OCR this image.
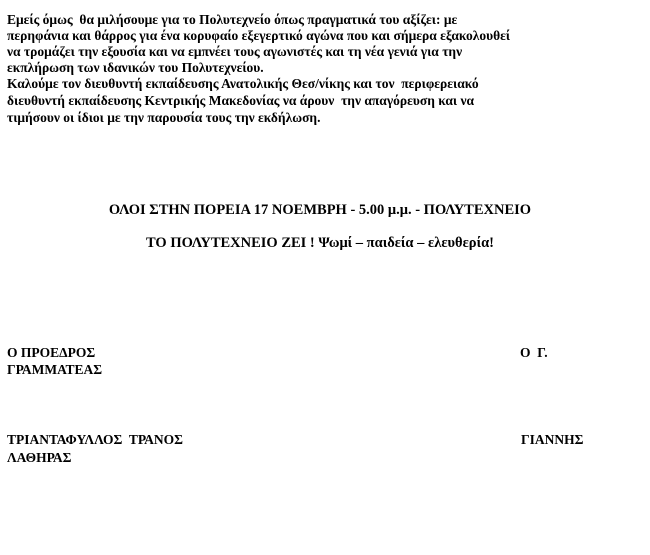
Εμείς όμως  θα μιλήσουμε για το Πολυτεχνείο όπως πραγματικά του αξίζει: με
περηφάνια και θάρρος για ένα κορυφαίο εξεγερτικό αγώνα που και σήμερα εξακολουθεί
να τρομάζει την εξουσία και να εμπνέει τους αγωνιστές και τη νέα γενιά για την
εκπλήρωση των ιδανικών του Πολυτεχνείου.
Καλούμε τον διευθυντή εκπαίδευσης Ανατολικής Θεσ/νίκης και τον  περιφερειακό
διευθυντή εκπαίδευσης Κεντρικής Μακεδονίας να άρουν  την απαγόρευση και να
τιμήσουν οι ίδιοι με την παρουσία τους την εκδήλωση.
ΟΛΟΙ ΣΤΗΝ ΠΟΡΕΙΑ 17 ΝΟΕΜΒΡΗ - 5.00 μ.μ. - ΠΟΛΥΤΕΧΝΕΙΟ
ΤΟ ΠΟΛΥΤΕΧΝΕΙΟ ΖΕΙ ! Ψωμί – παιδεία – ελευθερία!
Ο ΠΡΟΕΔΡΟΣ	Ο  Γ.
ΓΡΑΜΜΑΤΕΑΣ
ΤΡΙΑΝΤΑΦΥΛΛΟΣ  ΤΡΑΝΟΣ	ΓΙΑΝΝΗΣ
ΛΑΘΗΡΑΣ
